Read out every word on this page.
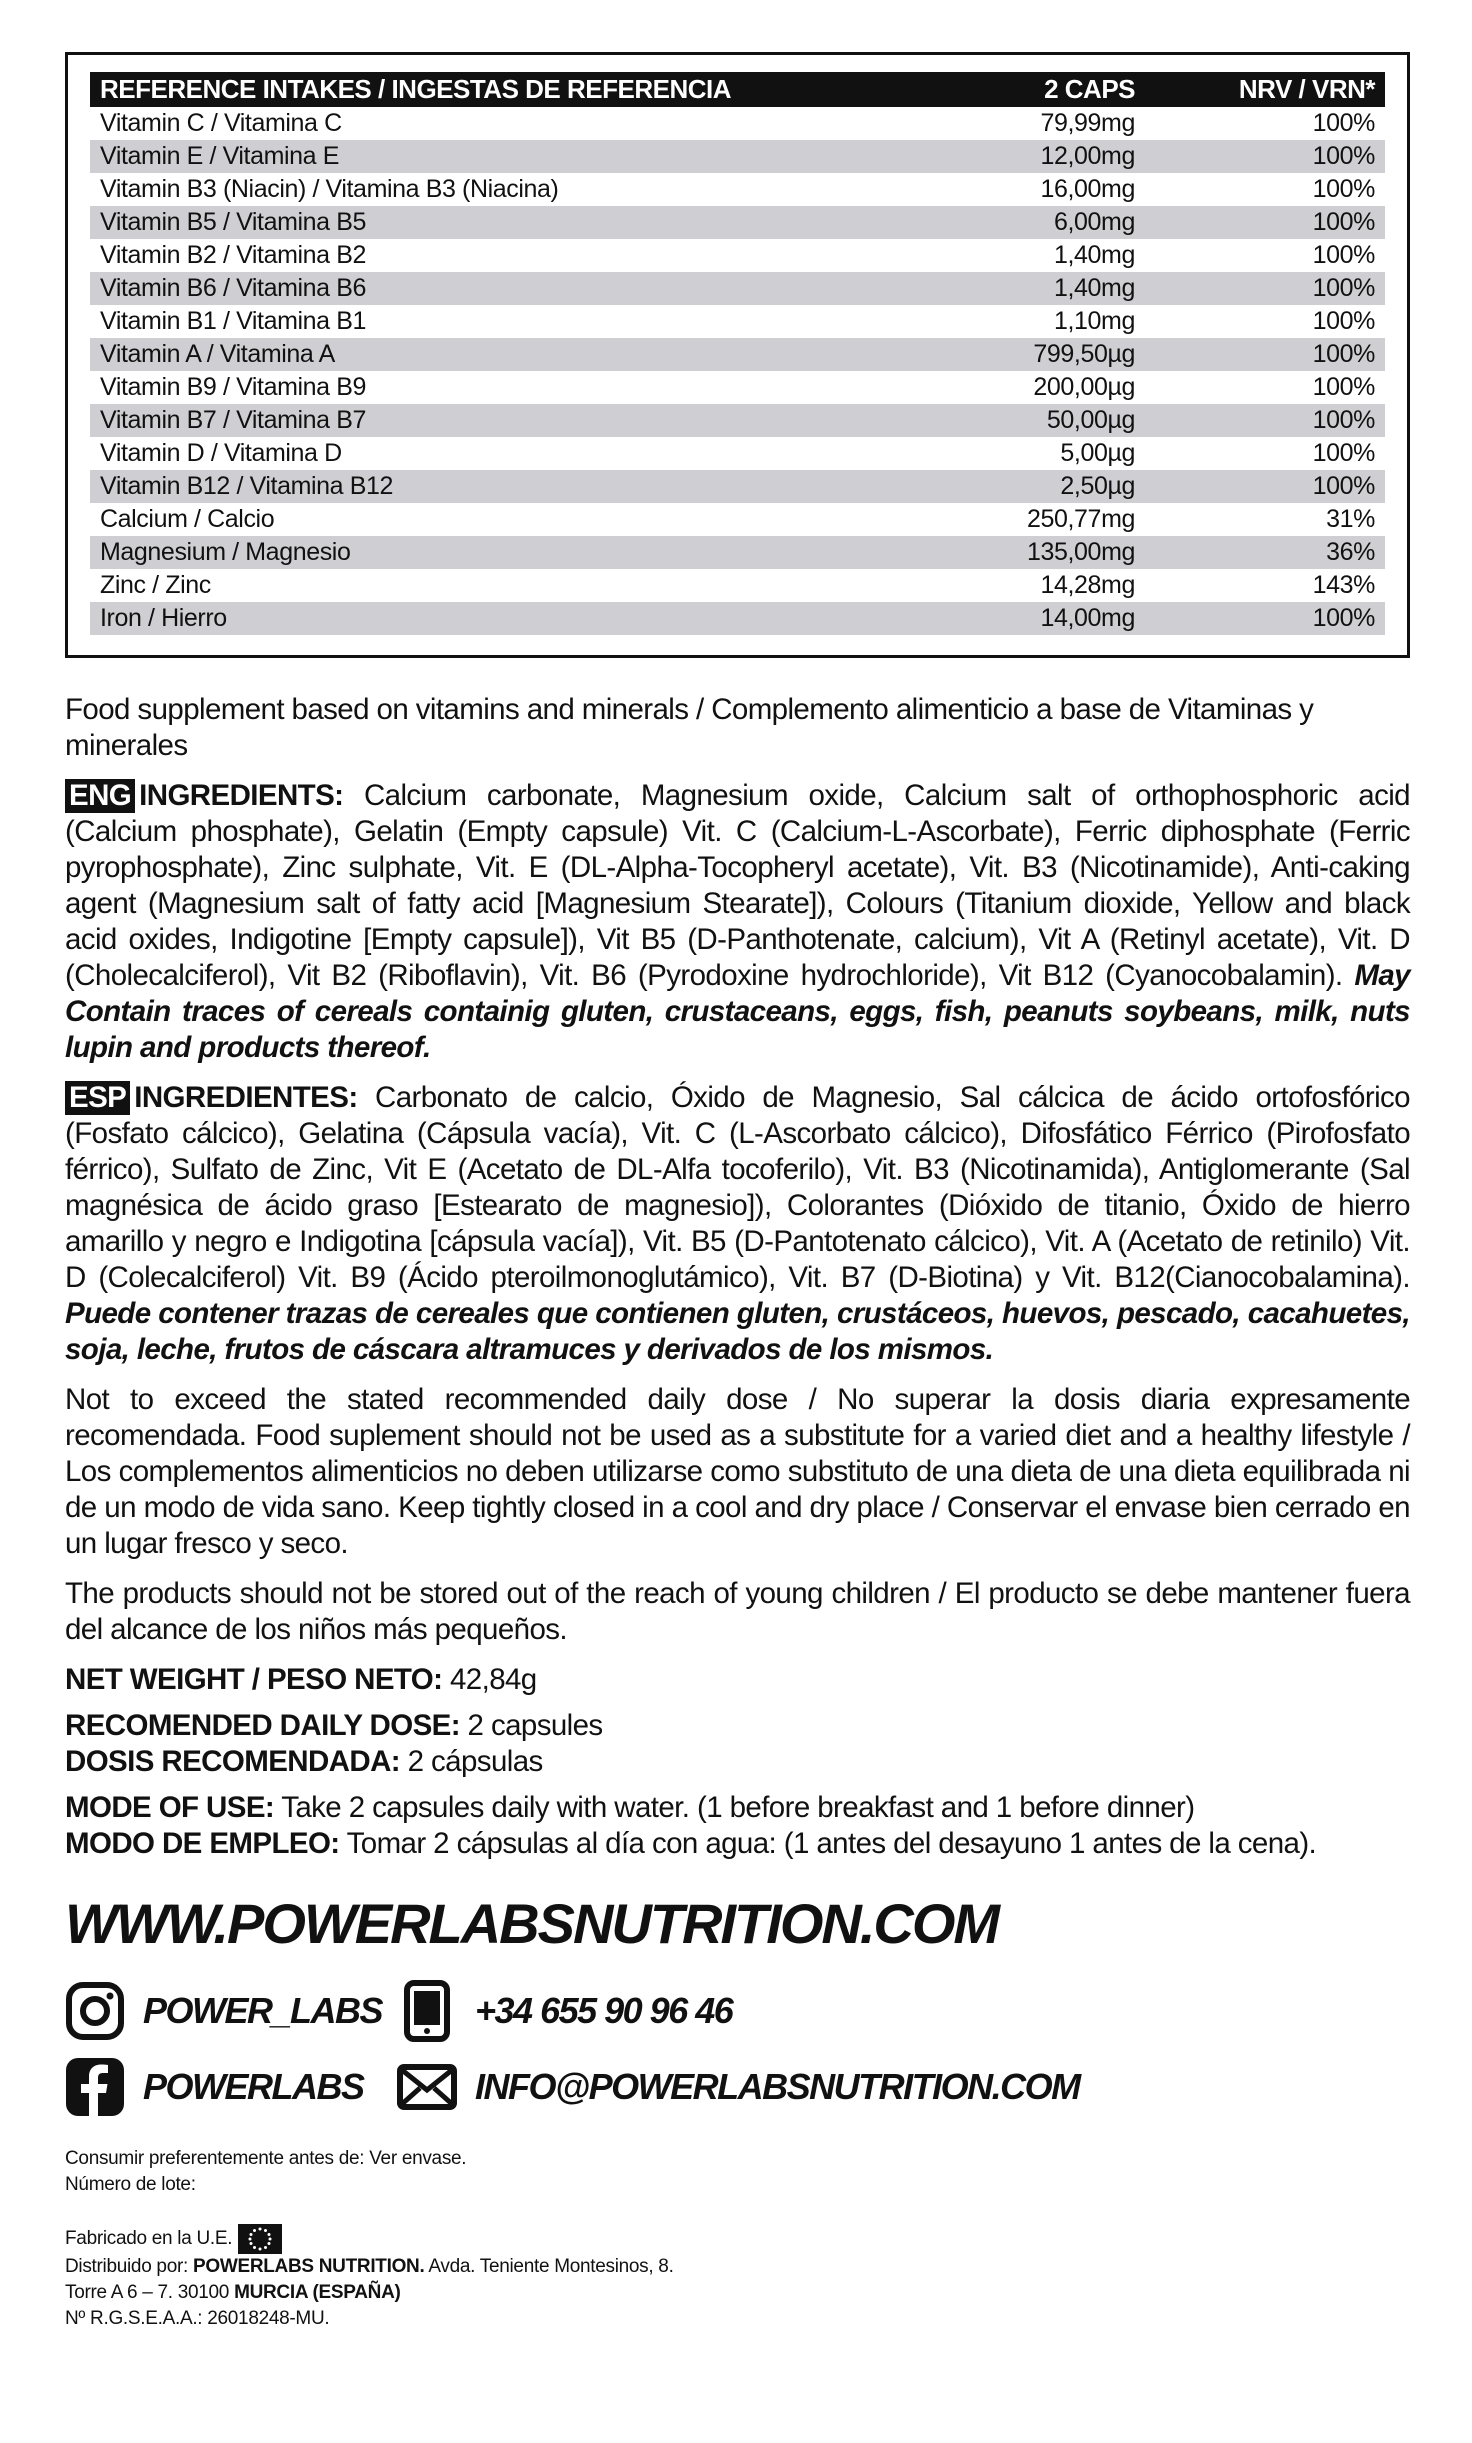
REFERENCE INTAKES / INGESTAS DE REFERENCIA	2 CAPS	NRV / VRN*
Vitamin C / Vitamina C	79,99mg	100%
Vitamin E / Vitamina E	12,00mg	100%
Vitamin B3 (Niacin) / Vitamina B3 (Niacina)	16,00mg	100%
Vitamin B5 / Vitamina B5	6,00mg	100%
Vitamin B2 / Vitamina B2	1,40mg	100%
Vitamin B6 / Vitamina B6	1,40mg	100%
Vitamin B1 / Vitamina B1	1,10mg	100%
Vitamin A / Vitamina A	799,50µg	100%
Vitamin B9 / Vitamina B9	200,00µg	100%
Vitamin B7 / Vitamina B7	50,00µg	100%
Vitamin D / Vitamina D	5,00µg	100%
Vitamin B12 / Vitamina B12	2,50µg	100%
Calcium / Calcio	250,77mg	31%
Magnesium / Magnesio	135,00mg	36%
Zinc / Zinc	14,28mg	143%
Iron / Hierro	14,00mg	100%

Food supplement based on vitamins and minerals / Complemento alimenticio a base de Vitaminas y minerales

ENG INGREDIENTS: Calcium carbonate, Magnesium oxide, Calcium salt of orthophosphoric acid (Calcium phosphate), Gelatin (Empty capsule) Vit. C (Calcium-L-Ascorbate), Ferric diphosphate (Ferric pyrophosphate), Zinc sulphate, Vit. E (DL-Alpha-Tocopheryl acetate), Vit. B3 (Nicotinamide), Anti-caking agent (Magnesium salt of fatty acid [Magnesium Stearate]), Colours (Titanium dioxide, Yellow and black acid oxides, Indigotine [Empty capsule]), Vit B5 (D-Panthotenate, calcium), Vit A (Retinyl acetate), Vit. D (Cholecalciferol), Vit B2 (Riboflavin), Vit. B6 (Pyrodoxine hydrochloride), Vit B12 (Cyanocobalamin). May Contain traces of cereals containig gluten, crustaceans, eggs, fish, peanuts soybeans, milk, nuts lupin and products thereof.

ESP INGREDIENTES: Carbonato de calcio, Óxido de Magnesio, Sal cálcica de ácido ortofosfórico (Fosfato cálcico), Gelatina (Cápsula vacía), Vit. C (L-Ascorbato cálcico), Difosfático Férrico (Pirofosfato férrico), Sulfato de Zinc, Vit E (Acetato de DL-Alfa tocoferilo), Vit. B3 (Nicotinamida), Antiglomerante (Sal magnésica de ácido graso [Estearato de magnesio]), Colorantes (Dióxido de titanio, Óxido de hierro amarillo y negro e Indigotina [cápsula vacía]), Vit. B5 (D-Pantotenato cálcico), Vit. A (Acetato de retinilo) Vit. D (Colecalciferol) Vit. B9 (Ácido pteroilmonoglutámico), Vit. B7 (D-Biotina) y Vit. B12(Cianocobalamina). Puede contener trazas de cereales que contienen gluten, crustáceos, huevos, pescado, cacahuetes, soja, leche, frutos de cáscara altramuces y derivados de los mismos.

Not to exceed the stated recommended daily dose / No superar la dosis diaria expresamente recomendada. Food suplement should not be used as a substitute for a varied diet and a healthy lifestyle / Los complementos alimenticios no deben utilizarse como substituto de una dieta de una dieta equilibrada ni de un modo de vida sano. Keep tightly closed in a cool and dry place / Conservar el envase bien cerrado en un lugar fresco y seco.

The products should not be stored out of the reach of young children / El producto se debe mantener fuera del alcance de los niños más pequeños.

NET WEIGHT / PESO NETO: 42,84g

RECOMENDED DAILY DOSE: 2 capsules

DOSIS RECOMENDADA: 2 cápsulas

MODE OF USE: Take 2 capsules daily with water. (1 before breakfast and 1 before dinner)

MODO DE EMPLEO: Tomar 2 cápsulas al día con agua: (1 antes del desayuno 1 antes de la cena).

WWW.POWERLABSNUTRITION.COM
POWER_LABS
POWERLABS
+34 655 90 96 46
INFO@POWERLABSNUTRITION.COM
Consumir preferentemente antes de: Ver envase.
Número de lote:
Fabricado en la U.E.
Distribuido por: POWERLABS NUTRITION. Avda. Teniente Montesinos, 8.
Torre A 6 – 7. 30100 MURCIA (ESPAÑA)
Nº R.G.S.E.A.A.: 26018248-MU.
